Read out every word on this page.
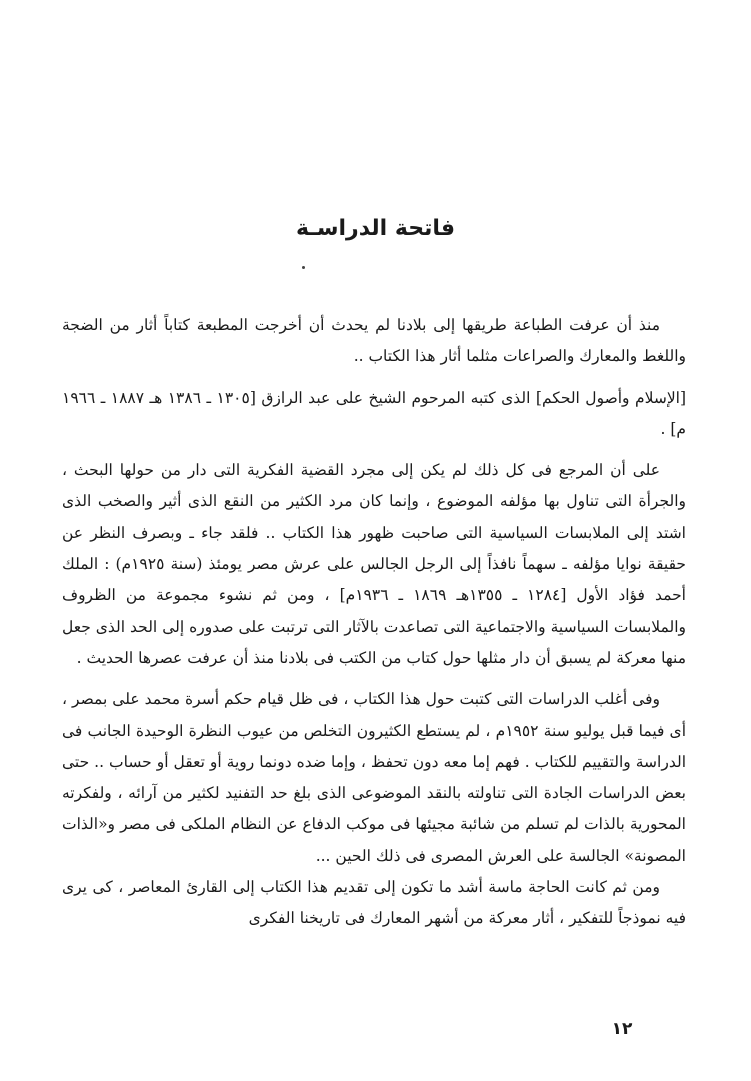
فاتحة الدراسـة

منذ أن عرفت الطباعة طريقها إلى بلادنا لم يحدث أن أخرجت المطبعة كتاباً أثار من الضجة واللغط والمعارك والصراعات مثلما أثار هذا الكتاب ..

[الإسلام وأصول الحكم] الذى كتبه المرحوم الشيخ على عبد الرازق [١٣٠٥ ـ ١٣٨٦ هـ ١٨٨٧ ـ ١٩٦٦ م] .

على أن المرجع فى كل ذلك لم يكن إلى مجرد القضية الفكرية التى دار من حولها البحث ، والجرأة التى تناول بها مؤلفه الموضوع ، وإنما كان مرد الكثير من النقع الذى أثير والصخب الذى اشتد إلى الملابسات السياسية التى صاحبت ظهور هذا الكتاب .. فلقد جاء ـ وبصرف النظر عن حقيقة نوايا مؤلفه ـ سهماً نافذاً إلى الرجل الجالس على عرش مصر يومئذ (سنة ١٩٢٥م) : الملك أحمد فؤاد الأول [١٢٨٤ ـ ١٣٥٥هـ ١٨٦٩ ـ ١٩٣٦م] ، ومن ثم نشوء مجموعة من الظروف والملابسات السياسية والاجتماعية التى تصاعدت بالآثار التى ترتبت على صدوره إلى الحد الذى جعل منها معركة لم يسبق أن دار مثلها حول كتاب من الكتب فى بلادنا منذ أن عرفت عصرها الحديث .

وفى أغلب الدراسات التى كتبت حول هذا الكتاب ، فى ظل قيام حكم أسرة محمد على بمصر ، أى فيما قبل يوليو سنة ١٩٥٢م ، لم يستطع الكثيرون التخلص من عيوب النظرة الوحيدة الجانب فى الدراسة والتقييم للكتاب . فهم إما معه دون تحفظ ، وإما ضده دونما روية أو تعقل أو حساب .. حتى بعض الدراسات الجادة التى تناولته بالنقد الموضوعى الذى بلغ حد التفنيد لكثير من آرائه ، ولفكرته المحورية بالذات لم تسلم من شائبة مجيئها فى موكب الدفاع عن النظام الملكى فى مصر و«الذات المصونة» الجالسة على العرش المصرى فى ذلك الحين ...

ومن ثم كانت الحاجة ماسة أشد ما تكون إلى تقديم هذا الكتاب إلى القارئ المعاصر ، كى يرى فيه نموذجاً للتفكير ، أثار معركة من أشهر المعارك فى تاريخنا الفكرى

١٢
